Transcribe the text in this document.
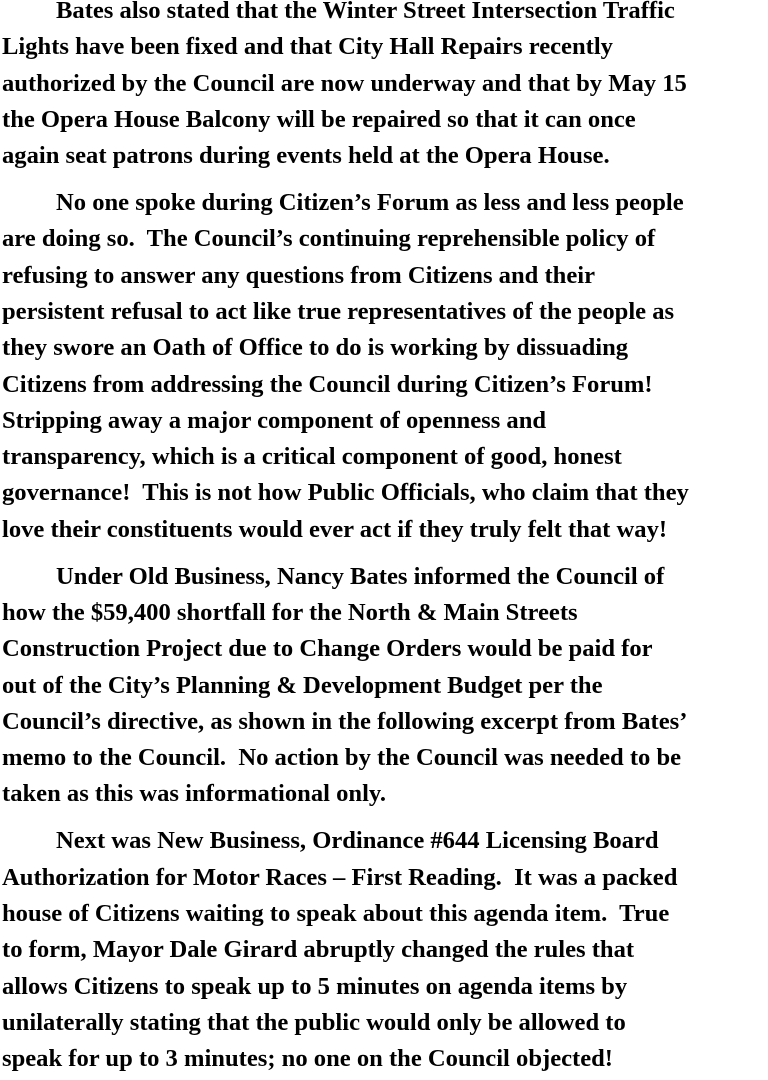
Bates also stated that the Winter Street Intersection Traffic
Lights have been fixed and that City Hall Repairs recently
authorized by the Council are now underway and that by May 15
the Opera House Balcony will be repaired so that it can once
again seat patrons during events held at the Opera House.
No one spoke during Citizen’s Forum as less and less people
are doing so.  The Council’s continuing reprehensible policy of
refusing to answer any questions from Citizens and their
persistent refusal to act like true representatives of the people as
they swore an Oath of Office to do is working by dissuading
Citizens from addressing the Council during Citizen’s Forum!
Stripping away a major component of openness and
transparency, which is a critical component of good, honest
governance!  This is not how Public Officials, who claim that they
love their constituents would ever act if they truly felt that way!
Under Old Business, Nancy Bates informed the Council of
how the $59,400 shortfall for the North & Main Streets
Construction Project due to Change Orders would be paid for
out of the City’s Planning & Development Budget per the
Council’s directive, as shown in the following excerpt from Bates’
memo to the Council.  No action by the Council was needed to be
taken as this was informational only.
Next was New Business, Ordinance #644 Licensing Board
Authorization for Motor Races – First Reading.  It was a packed
house of Citizens waiting to speak about this agenda item.  True
to form, Mayor Dale Girard abruptly changed the rules that
allows Citizens to speak up to 5 minutes on agenda items by
unilaterally stating that the public would only be allowed to
speak for up to 3 minutes; no one on the Council objected!
